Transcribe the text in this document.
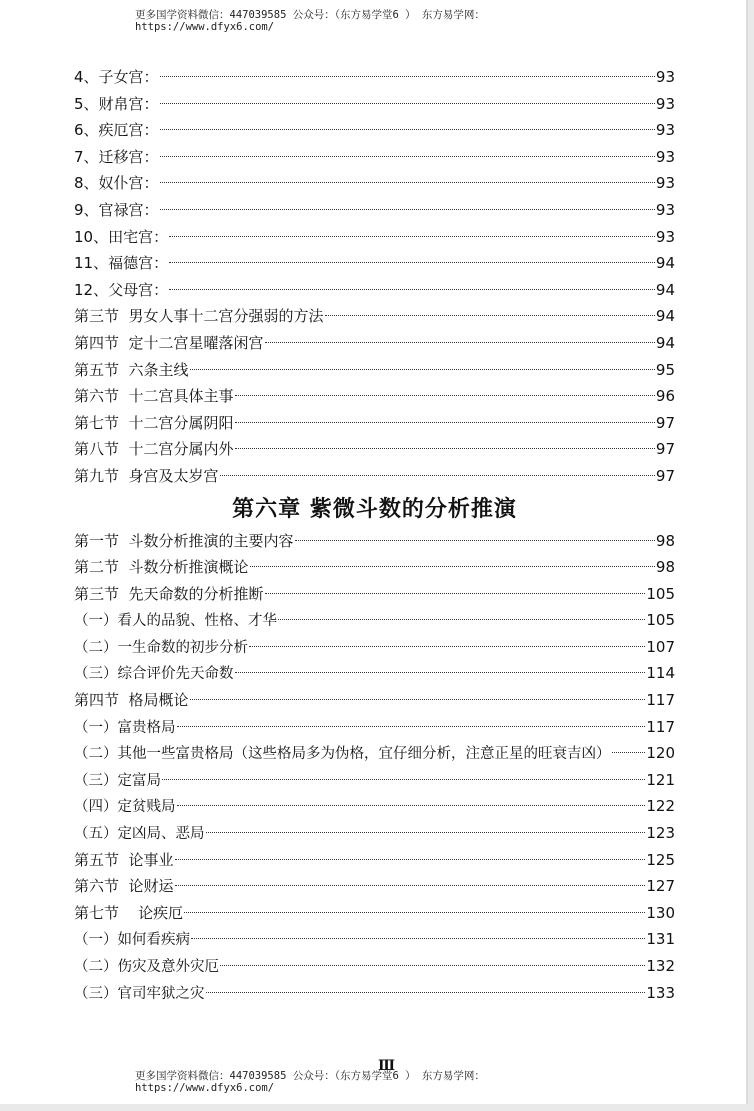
更多国学资料微信：447039585 公众号：（东方易学堂6 ） 东方易学网：
https://www.dfyx6.com/
4、子女宫：	93
5、财帛宫：	93
6、疾厄宫：	93
7、迁移宫：	93
8、奴仆宫：	93
9、官禄宫：	93
10、田宅宫：	93
11、福德宫：	94
12、父母宫：	94
第三节  男女人事十二宫分强弱的方法	94
第四节  定十二宫星曜落闲宫	94
第五节  六条主线	95
第六节  十二宫具体主事	96
第七节  十二宫分属阴阳	97
第八节  十二宫分属内外	97
第九节  身宫及太岁宫	97
第六章 紫微斗数的分析推演
第一节  斗数分析推演的主要内容	98
第二节  斗数分析推演概论	98
第三节  先天命数的分析推断	105
（一）看人的品貌、性格、才华	105
（二）一生命数的初步分析	107
（三）综合评价先天命数	114
第四节  格局概论	117
（一）富贵格局	117
（二）其他一些富贵格局（这些格局多为伪格，宜仔细分析，注意正星的旺衰吉凶） 120
（三）定富局	121
（四）定贫贱局	122
（五）定凶局、恶局	123
第五节  论事业	125
第六节  论财运	127
第七节    论疾厄	130
（一）如何看疾病	131
（二）伤灾及意外灾厄	132
（三）官司牢狱之灾	133
Ⅲ
更多国学资料微信：447039585 公众号：（东方易学堂6 ） 东方易学网：
https://www.dfyx6.com/
